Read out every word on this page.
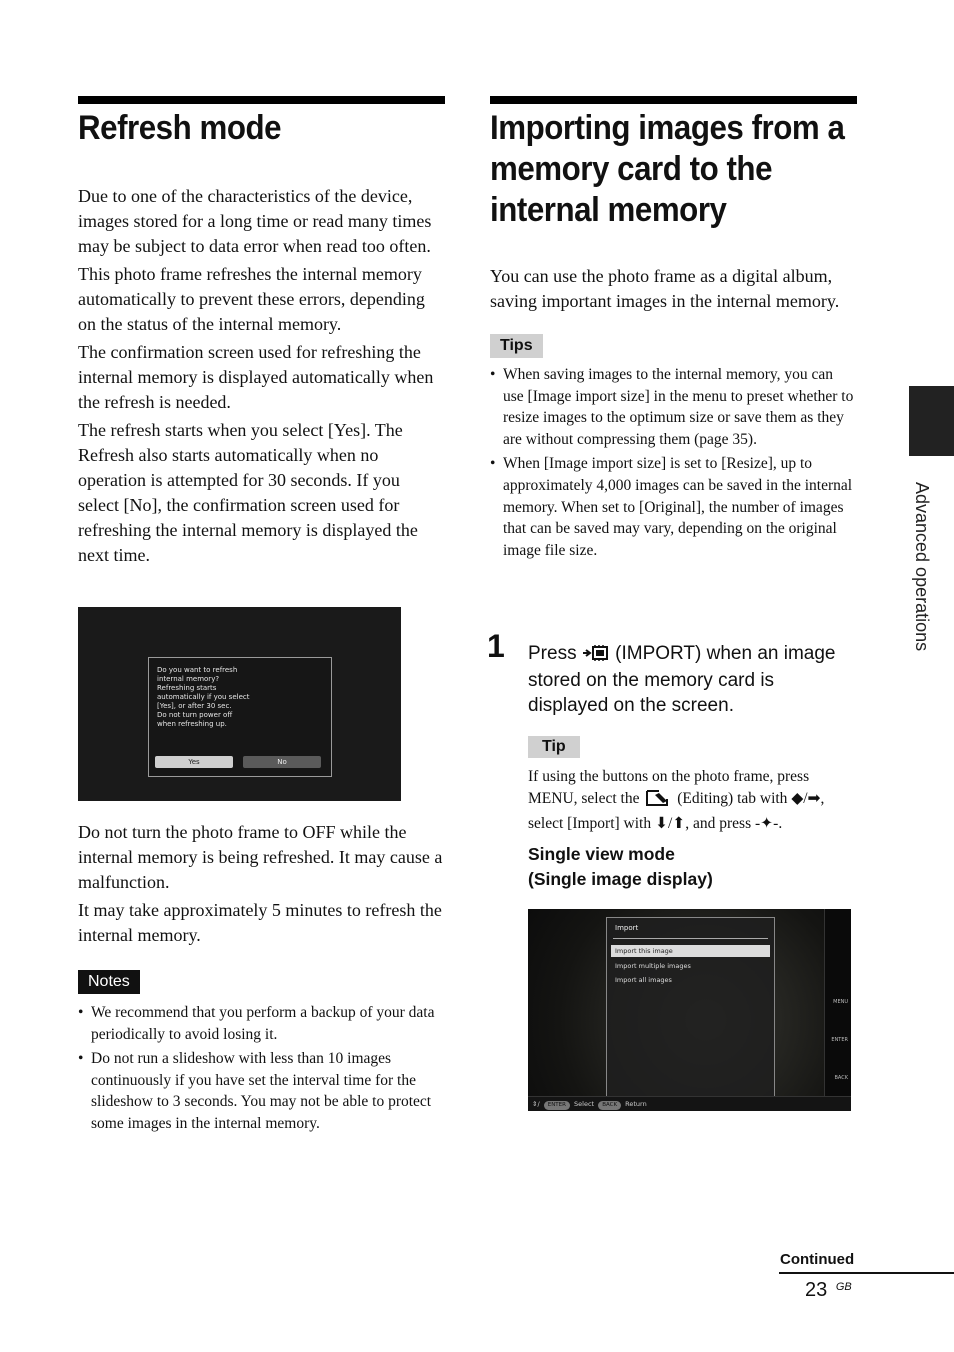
Refresh mode

Due to one of the characteristics of the device, images stored for a long time or read many times may be subject to data error when read too often.

This photo frame refreshes the internal memory automatically to prevent these errors, depending on the status of the internal memory.

The confirmation screen used for refreshing the internal memory is displayed automatically when the refresh is needed.

The refresh starts when you select [Yes]. The Refresh also starts automatically when no operation is attempted for 30 seconds. If you select [No], the confirmation screen used for refreshing the internal memory is displayed the next time.

Do you want to refresh
internal memory?
Refreshing starts
automatically if you select
[Yes], or after 30 sec.
Do not turn power off
when refreshing up.
Yes	No

Do not turn the photo frame to OFF while the internal memory is being refreshed. It may cause a malfunction.

It may take approximately 5 minutes to refresh the internal memory.

Notes
• We recommend that you perform a backup of your data periodically to avoid losing it.
• Do not run a slideshow with less than 10 images continuously if you have set the interval time for the slideshow to 3 seconds. You may not be able to protect some images in the internal memory.
Importing images from a memory card to the internal memory

You can use the photo frame as a digital album, saving important images in the internal memory.

Tips
• When saving images to the internal memory, you can use [Image import size] in the menu to preset whether to resize images to the optimum size or save them as they are without compressing them (page 35).
• When [Image import size] is set to [Resize], up to approximately 4,000 images can be saved in the internal memory. When set to [Original], the number of images that can be saved may vary, depending on the original image file size.
1 Press (IMPORT) when an image stored on the memory card is displayed on the screen.
Tip
If using the buttons on the photo frame, press MENU, select the (Editing) tab with ◆/➡, select [Import] with ⬇/⬆, and press -✦-.
Single view mode
(Single image display)
Import
Import this image
Import multiple images
Import all images
MENU
ENTER
BACK
⇕/ ENTER Select BACK Return
Advanced operations
Continued
23 $^{GB}$
